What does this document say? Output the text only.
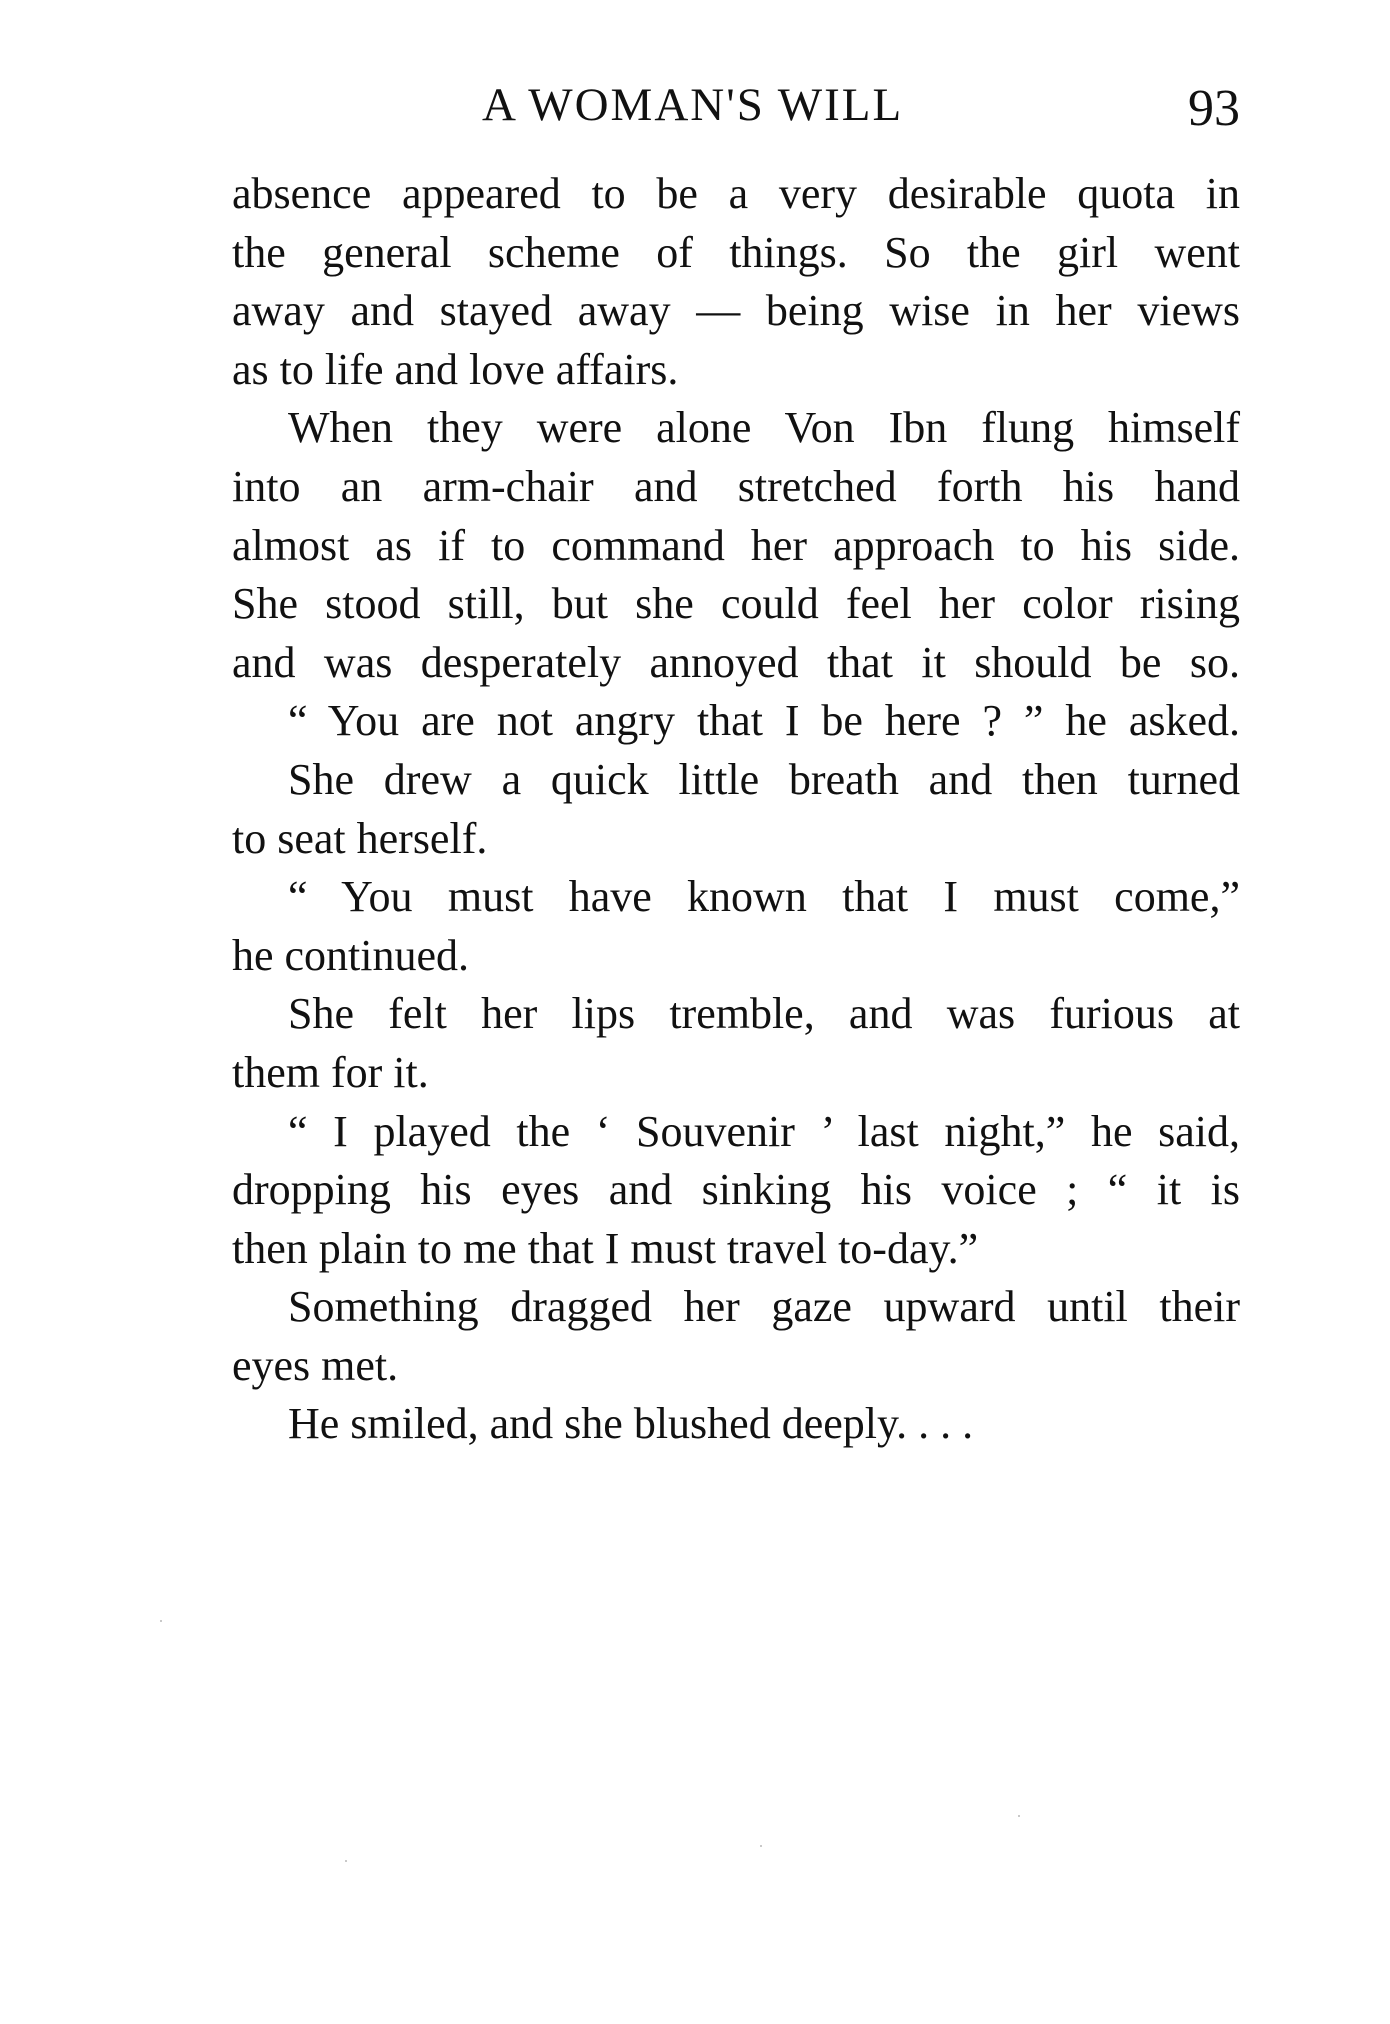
A WOMAN'S WILL	93
absence appeared to be a very desirable quota in
the general scheme of things. So the girl went
away and stayed away — being wise in her views
as to life and love affairs.
When they were alone Von Ibn flung himself
into an arm-chair and stretched forth his hand
almost as if to command her approach to his side.
She stood still, but she could feel her color rising
and was desperately annoyed that it should be so.
“ You are not angry that I be here ? ” he asked.
She drew a quick little breath and then turned
to seat herself.
“ You must have known that I must come,”
he continued.
She felt her lips tremble, and was furious at
them for it.
“ I played the ‘ Souvenir ’ last night,” he said,
dropping his eyes and sinking his voice ; “ it is
then plain to me that I must travel to-day.”
Something dragged her gaze upward until their
eyes met.
He smiled, and she blushed deeply. . . .
